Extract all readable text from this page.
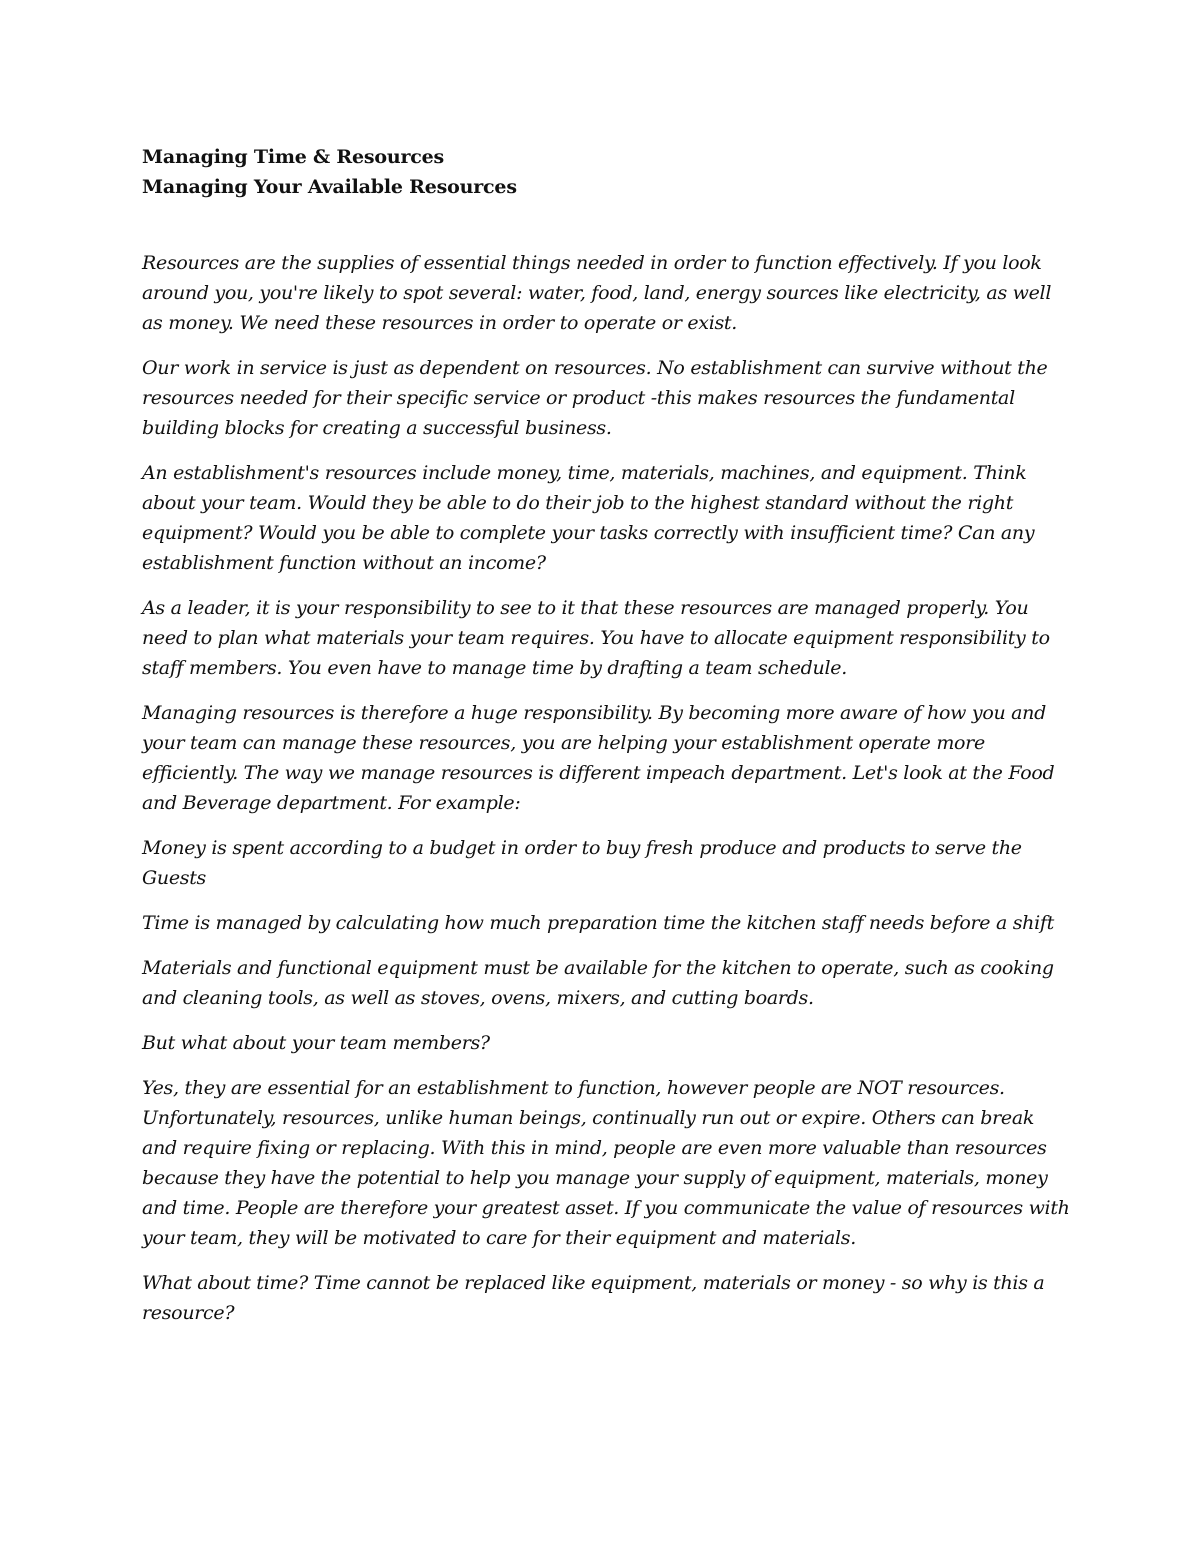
Managing Time & Resources

Managing Your Available Resources

Resources are the supplies of essential things needed in order to function effectively. If you look around you, you're likely to spot several: water, food, land, energy sources like electricity, as well as money. We need these resources in order to operate or exist.

Our work in service is just as dependent on resources. No establishment can survive without the resources needed for their specific service or product -this makes resources the fundamental building blocks for creating a successful business.

An establishment's resources include money, time, materials, machines, and equipment. Think about your team. Would they be able to do their job to the highest standard without the right equipment? Would you be able to complete your tasks correctly with insufficient time? Can any establishment function without an income?

As a leader, it is your responsibility to see to it that these resources are managed properly. You need to plan what materials your team requires. You have to allocate equipment responsibility to staff members. You even have to manage time by drafting a team schedule.

Managing resources is therefore a huge responsibility. By becoming more aware of how you and your team can manage these resources, you are helping your establishment operate more efficiently. The way we manage resources is different impeach department. Let's look at the Food and Beverage department. For example:

Money is spent according to a budget in order to buy fresh produce and products to serve the Guests

Time is managed by calculating how much preparation time the kitchen staff needs before a shift

Materials and functional equipment must be available for the kitchen to operate, such as cooking and cleaning tools, as well as stoves, ovens, mixers, and cutting boards.

But what about your team members?

Yes, they are essential for an establishment to function, however people are NOT resources. Unfortunately, resources, unlike human beings, continually run out or expire. Others can break and require fixing or replacing. With this in mind, people are even more valuable than resources because they have the potential to help you manage your supply of equipment, materials, money and time. People are therefore your greatest asset. If you communicate the value of resources with your team, they will be motivated to care for their equipment and materials.

What about time? Time cannot be replaced like equipment, materials or money - so why is this a resource?
